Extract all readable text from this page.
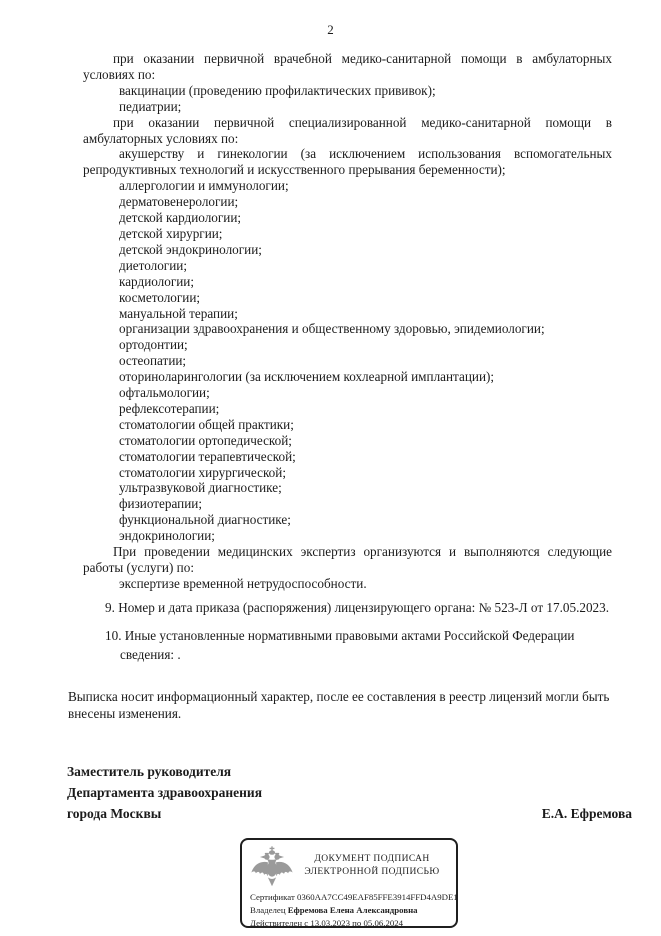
2
при оказании первичной врачебной медико-санитарной помощи в амбулаторных
условиях по:
вакцинации (проведению профилактических прививок);
педиатрии;
при оказании первичной специализированной медико-санитарной помощи в
амбулаторных условиях по:
акушерству и гинекологии (за исключением использования вспомогательных
репродуктивных технологий и искусственного прерывания беременности);
аллергологии и иммунологии;
дерматовенерологии;
детской кардиологии;
детской хирургии;
детской эндокринологии;
диетологии;
кардиологии;
косметологии;
мануальной терапии;
организации здравоохранения и общественному здоровью, эпидемиологии;
ортодонтии;
остеопатии;
оториноларингологии (за исключением кохлеарной имплантации);
офтальмологии;
рефлексотерапии;
стоматологии общей практики;
стоматологии ортопедической;
стоматологии терапевтической;
стоматологии хирургической;
ультразвуковой диагностике;
физиотерапии;
функциональной диагностике;
эндокринологии;
При проведении медицинских экспертиз организуются и выполняются следующие
работы (услуги) по:
экспертизе временной нетрудоспособности.
9. Номер и дата приказа (распоряжения) лицензирующего органа: № 523-Л от 17.05.2023.
10. Иные установленные нормативными правовыми актами Российской Федерации
сведения: .
Выписка носит информационный характер, после ее составления в реестр лицензий могли быть
внесены изменения.
Заместитель руководителя
Департамента здравоохранения
города Москвы	Е.А. Ефремова
ДОКУМЕНТ ПОДПИСАН
ЭЛЕКТРОННОЙ ПОДПИСЬЮ
Сертификат 0360AA7CC49EAF85FFE3914FFD4A9DE1
Владелец Ефремова Елена Александровна
Действителен с 13.03.2023 по 05.06.2024
